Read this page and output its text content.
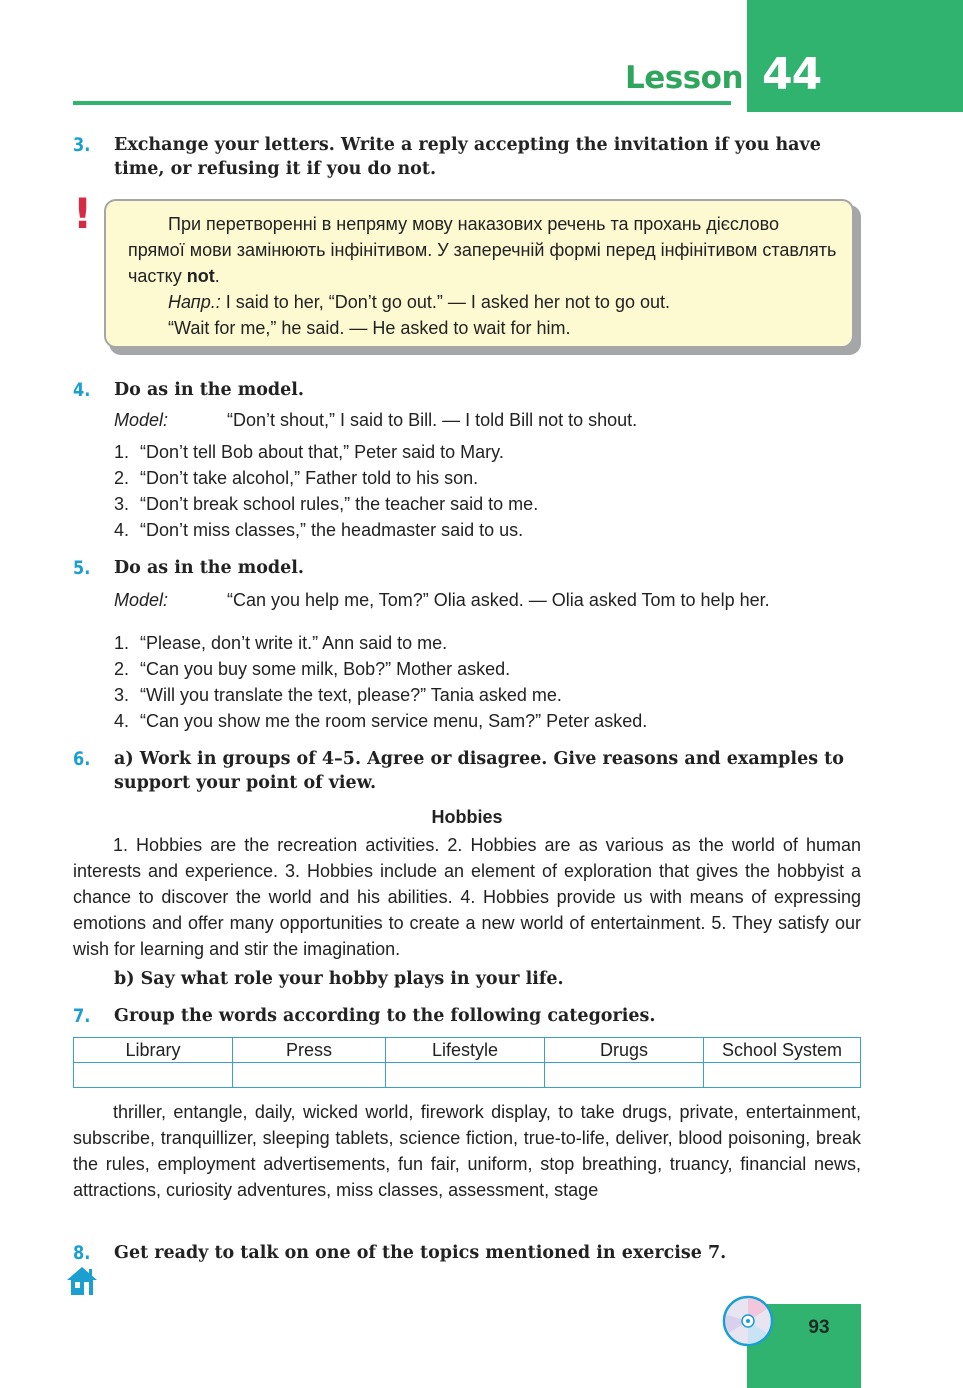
44
Lesson
3. Exchange your letters. Write a reply accepting the invitation if you have time, or refusing it if you do not.
!	При перетворенні в непряму мову наказових речень та прохань дієслово прямої мови замінюють інфінітивом. У заперечній формі перед інфінітивом ставлять частку not.

Напр.: I said to her, “Don’t go out.” — I asked her not to go out.

“Wait for me,” he said. — He asked to wait for him.

4. Do as in the model.
Model:	“Don’t shout,” I said to Bill. — I told Bill not to shout.
1. “Don’t tell Bob about that,” Peter said to Mary.
2. “Don’t take alcohol,” Father told to his son.
3. “Don’t break school rules,” the teacher said to me.
4. “Don’t miss classes,” the headmaster said to us.
5. Do as in the model.
Model:	“Can you help me, Tom?” Olia asked. — Olia asked Tom to help her.
1. “Please, don’t write it.” Ann said to me.
2. “Can you buy some milk, Bob?” Mother asked.
3. “Will you translate the text, please?” Tania asked me.
4. “Can you show me the room service menu, Sam?” Peter asked.
6. a) Work in groups of 4–5. Agree or disagree. Give reasons and examples to support your point of view.
Hobbies

1. Hobbies are the recreation activities. 2. Hobbies are as various as the world of human interests and experience. 3. Hobbies include an element of exploration that gives the hobbyist a chance to discover the world and his abilities. 4. Hobbies provide us with means of expressing emotions and offer many opportunities to create a new world of entertainment. 5. They satisfy our wish for learning and stir the imagination.

b) Say what role your hobby plays in your life.
7. Group the words according to the following categories.
Library	Press	Lifestyle	Drugs	School System

thriller, entangle, daily, wicked world, firework display, to take drugs, private, entertainment, subscribe, tranquillizer, sleeping tablets, science fiction, true-to-life, deliver, blood poisoning, break the rules, employment advertisements, fun fair, uniform, stop breathing, truancy, financial news, attractions, curiosity adventures, miss classes, assessment, stage

8. Get ready to talk on one of the topics mentioned in exercise 7.
93
